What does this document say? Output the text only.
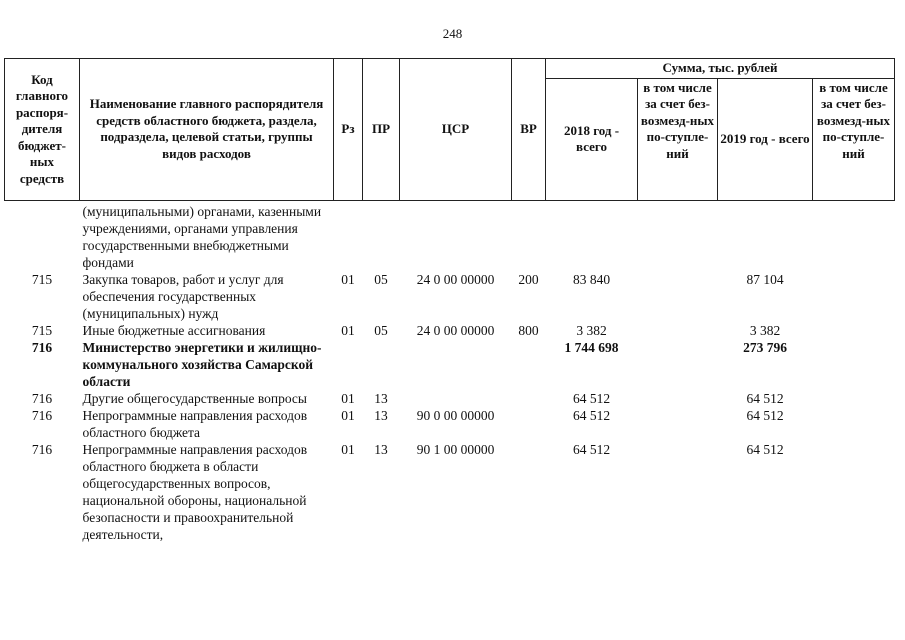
248
Код главного распоря-дителя бюджет-ных средств	Наименование главного распорядителя средств областного бюджета, раздела, подраздела, целевой статьи, группы видов расходов	Рз	ПР	ЦСР	ВР	Сумма, тыс. рублей			
						2018 год - всего	в том числе за счет без-возмезд-ных по-ступле-ний	2019 год - всего	в том числе за счет без-возмезд-ных по-ступле-ний
	(муниципальными) органами, казенными учреждениями, органами управления государственными внебюджетными фондами								
715	Закупка товаров, работ и услуг для обеспечения государственных (муниципальных) нужд	01	05	24 0 00 00000	200	83 840		87 104	
715	Иные бюджетные ассигнования	01	05	24 0 00 00000	800	3 382		3 382	
716	Министерство энергетики и жилищно-коммунального хозяйства Самарской области					1 744 698		273 796	
716	Другие общегосударственные вопросы	01	13			64 512		64 512	
716	Непрограммные направления расходов областного бюджета	01	13	90 0 00 00000		64 512		64 512	
716	Непрограммные направления расходов областного бюджета в области общегосударственных вопросов, национальной обороны, национальной безопасности и правоохранительной деятельности,	01	13	90 1 00 00000		64 512		64 512	
